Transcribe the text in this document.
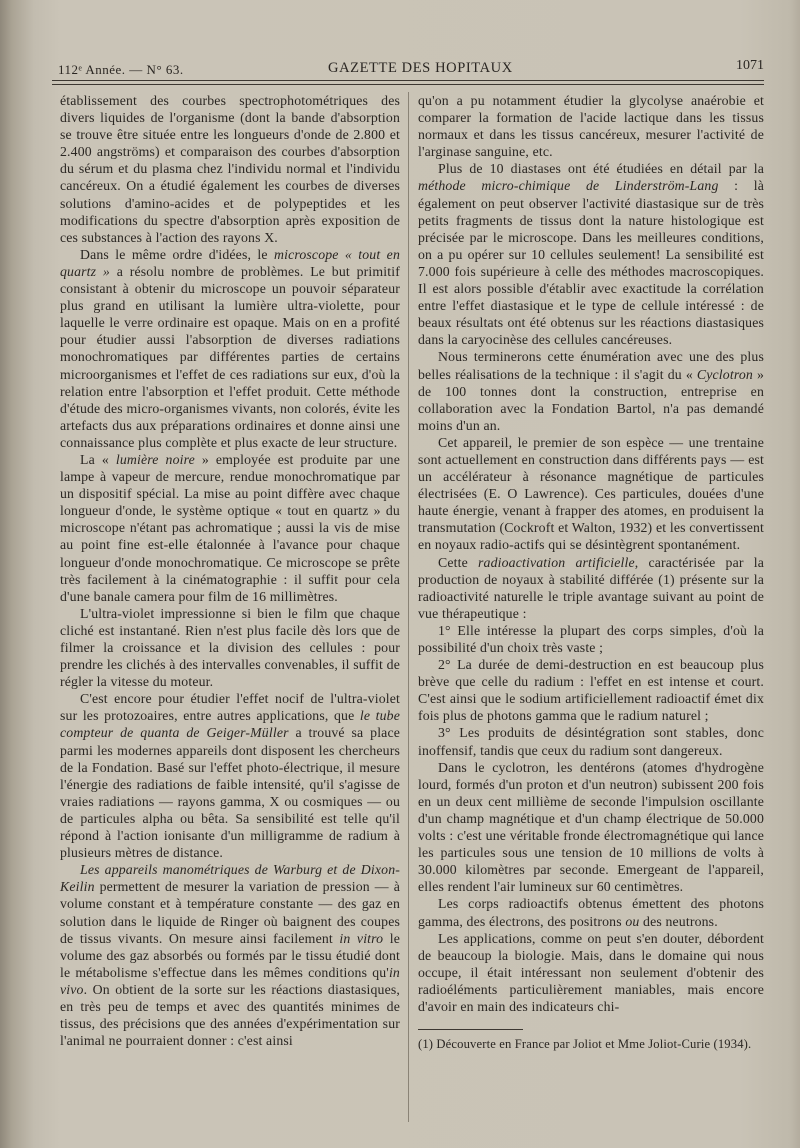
112ᵉ Année. — N° 63.	GAZETTE DES HOPITAUX	1071

établissement des courbes spectrophotométriques des divers liquides de l'organisme (dont la bande d'absorption se trouve être située entre les longueurs d'onde de 2.800 et 2.400 angströms) et comparaison des courbes d'absorption du sérum et du plasma chez l'individu normal et l'individu cancéreux. On a étudié également les courbes de diverses solutions d'amino-acides et de polypeptides et les modifications du spectre d'absorption après exposition de ces substances à l'action des rayons X.

Dans le même ordre d'idées, le microscope « tout en quartz » a résolu nombre de problèmes. Le but primitif consistant à obtenir du microscope un pouvoir séparateur plus grand en utilisant la lumière ultra-violette, pour laquelle le verre ordinaire est opaque. Mais on en a profité pour étudier aussi l'absorption de diverses radiations monochromatiques par différentes parties de certains microorganismes et l'effet de ces radiations sur eux, d'où la relation entre l'absorption et l'effet produit. Cette méthode d'étude des micro-organismes vivants, non colorés, évite les artefacts dus aux préparations ordinaires et donne ainsi une connaissance plus complète et plus exacte de leur structure.

La « lumière noire » employée est produite par une lampe à vapeur de mercure, rendue monochromatique par un dispositif spécial. La mise au point diffère avec chaque longueur d'onde, le système optique « tout en quartz » du microscope n'étant pas achromatique ; aussi la vis de mise au point fine est-elle étalonnée à l'avance pour chaque longueur d'onde monochromatique. Ce microscope se prête très facilement à la cinématographie : il suffit pour cela d'une banale camera pour film de 16 millimètres.

L'ultra-violet impressionne si bien le film que chaque cliché est instantané. Rien n'est plus facile dès lors que de filmer la croissance et la division des cellules : pour prendre les clichés à des intervalles convenables, il suffit de régler la vitesse du moteur.

C'est encore pour étudier l'effet nocif de l'ultra-violet sur les protozoaires, entre autres applications, que le tube compteur de quanta de Geiger-Müller a trouvé sa place parmi les modernes appareils dont disposent les chercheurs de la Fondation. Basé sur l'effet photo-électrique, il mesure l'énergie des radiations de faible intensité, qu'il s'agisse de vraies radiations — rayons gamma, X ou cosmiques — ou de particules alpha ou bêta. Sa sensibilité est telle qu'il répond à l'action ionisante d'un milligramme de radium à plusieurs mètres de distance.

Les appareils manométriques de Warburg et de Dixon-Keilin permettent de mesurer la variation de pression — à volume constant et à température constante — des gaz en solution dans le liquide de Ringer où baignent des coupes de tissus vivants. On mesure ainsi facilement in vitro le volume des gaz absorbés ou formés par le tissu étudié dont le métabolisme s'effectue dans les mêmes conditions qu'in vivo. On obtient de la sorte sur les réactions diastasiques, en très peu de temps et avec des quantités minimes de tissus, des précisions que des années d'expérimentation sur l'animal ne pourraient donner : c'est ainsi

qu'on a pu notamment étudier la glycolyse anaérobie et comparer la formation de l'acide lactique dans les tissus normaux et dans les tissus cancéreux, mesurer l'activité de l'arginase sanguine, etc.

Plus de 10 diastases ont été étudiées en détail par la méthode micro-chimique de Linderström-Lang : là également on peut observer l'activité diastasique sur de très petits fragments de tissus dont la nature histologique est précisée par le microscope. Dans les meilleures conditions, on a pu opérer sur 10 cellules seulement! La sensibilité est 7.000 fois supérieure à celle des méthodes macroscopiques. Il est alors possible d'établir avec exactitude la corrélation entre l'effet diastasique et le type de cellule intéressé : de beaux résultats ont été obtenus sur les réactions diastasiques dans la caryocinèse des cellules cancéreuses.

Nous terminerons cette énumération avec une des plus belles réalisations de la technique : il s'agit du « Cyclotron » de 100 tonnes dont la construction, entreprise en collaboration avec la Fondation Bartol, n'a pas demandé moins d'un an.

Cet appareil, le premier de son espèce — une trentaine sont actuellement en construction dans différents pays — est un accélérateur à résonance magnétique de particules électrisées (E. O Lawrence). Ces particules, douées d'une haute énergie, venant à frapper des atomes, en produisent la transmutation (Cockroft et Walton, 1932) et les convertissent en noyaux radio-actifs qui se désintègrent spontanément.

Cette radioactivation artificielle, caractérisée par la production de noyaux à stabilité différée (1) présente sur la radioactivité naturelle le triple avantage suivant au point de vue thérapeutique :

1° Elle intéresse la plupart des corps simples, d'où la possibilité d'un choix très vaste ;

2° La durée de demi-destruction en est beaucoup plus brève que celle du radium : l'effet en est intense et court. C'est ainsi que le sodium artificiellement radioactif émet dix fois plus de photons gamma que le radium naturel ;

3° Les produits de désintégration sont stables, donc inoffensif, tandis que ceux du radium sont dangereux.

Dans le cyclotron, les dentérons (atomes d'hydrogène lourd, formés d'un proton et d'un neutron) subissent 200 fois en un deux cent millième de seconde l'impulsion oscillante d'un champ magnétique et d'un champ électrique de 50.000 volts : c'est une véritable fronde électromagnétique qui lance les particules sous une tension de 10 millions de volts à 30.000 kilomètres par seconde. Emergeant de l'appareil, elles rendent l'air lumineux sur 60 centimètres.

Les corps radioactifs obtenus émettent des photons gamma, des électrons, des positrons ou des neutrons.

Les applications, comme on peut s'en douter, débordent de beaucoup la biologie. Mais, dans le domaine qui nous occupe, il était intéressant non seulement d'obtenir des radioéléments particulièrement maniables, mais encore d'avoir en main des indicateurs chi-

(1) Découverte en France par Joliot et Mme Joliot-Curie (1934).
